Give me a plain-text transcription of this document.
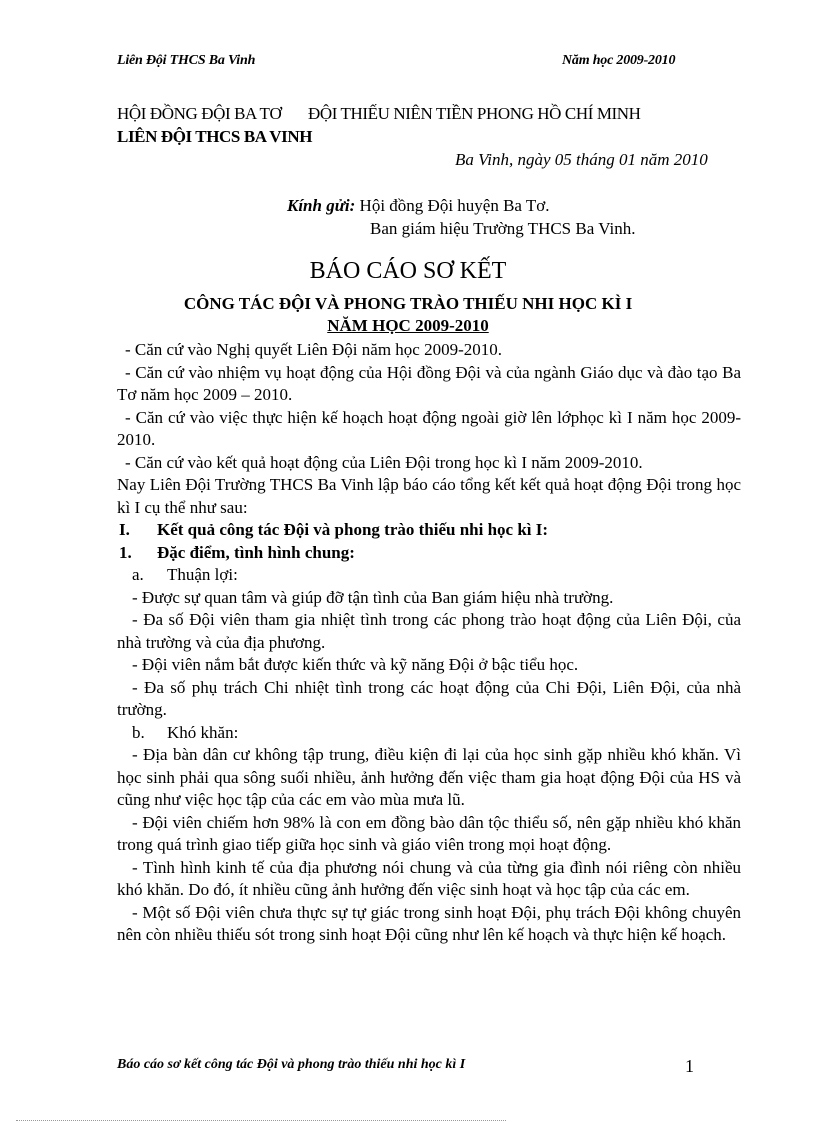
Liên Đội THCS Ba Vinh	Năm học 2009-2010
HỘI ĐỒNG ĐỘI BA TƠ ĐỘI THIẾU NIÊN TIỀN PHONG HỒ CHÍ MINH
LIÊN ĐỘI THCS BA VINH
Ba Vinh, ngày 05 tháng 01 năm 2010
Kính gửi: Hội đồng Đội huyện Ba Tơ.
Ban giám hiệu Trường THCS Ba Vinh.
BÁO CÁO SƠ KẾT
CÔNG TÁC ĐỘI VÀ PHONG TRÀO THIẾU NHI HỌC KÌ I
NĂM HỌC 2009-2010

- Căn cứ vào Nghị quyết Liên Đội năm học 2009-2010.

- Căn cứ vào nhiệm vụ hoạt động của Hội đồng Đội và của ngành Giáo dục và đào tạo Ba Tơ năm học 2009 – 2010.

- Căn cứ vào việc thực hiện kế hoạch hoạt động ngoài giờ lên lớphọc kì I năm học 2009-2010.

- Căn cứ vào kết quả hoạt động của Liên Đội trong học kì I năm 2009-2010.

Nay Liên Đội Trường THCS Ba Vinh lập báo cáo tổng kết kết quả hoạt động Đội trong học kì I cụ thể như sau:

I.	Kết quả công tác Đội và phong trào thiếu nhi học kì I:
1.	Đặc điểm, tình hình chung:
a.	Thuận lợi:

- Được sự quan tâm và giúp đỡ tận tình của Ban giám hiệu nhà trường.

- Đa số Đội viên tham gia nhiệt tình trong các phong trào hoạt động của Liên Đội, của nhà trường và của địa phương.

- Đội viên nắm bắt được kiến thức và kỹ năng Đội ở bậc tiểu học.

- Đa số phụ trách Chi nhiệt tình trong các hoạt động của Chi Đội, Liên Đội, của nhà trường.

b.	Khó khăn:

- Địa bàn dân cư không tập trung, điều kiện đi lại của học sinh gặp nhiều khó khăn. Vì học sinh phải qua sông suối nhiều, ảnh hưởng đến việc tham gia hoạt động Đội của HS và cũng như việc học tập của các em vào mùa mưa lũ.

- Đội viên chiếm hơn 98% là con em đồng bào dân tộc thiểu số, nên gặp nhiều khó khăn trong quá trình giao tiếp giữa học sinh và giáo viên trong mọi hoạt động.

- Tình hình kinh tế của địa phương nói chung và của từng gia đình nói riêng còn nhiều khó khăn. Do đó, ít nhiều cũng ảnh hưởng đến việc sinh hoạt và học tập của các em.

- Một số Đội viên chưa thực sự tự giác trong sinh hoạt Đội, phụ trách Đội không chuyên nên còn nhiều thiếu sót trong sinh hoạt Đội cũng như lên kế hoạch và thực hiện kế hoạch.

Báo cáo sơ kết công tác Đội và phong trào thiếu nhi học kì I	1
